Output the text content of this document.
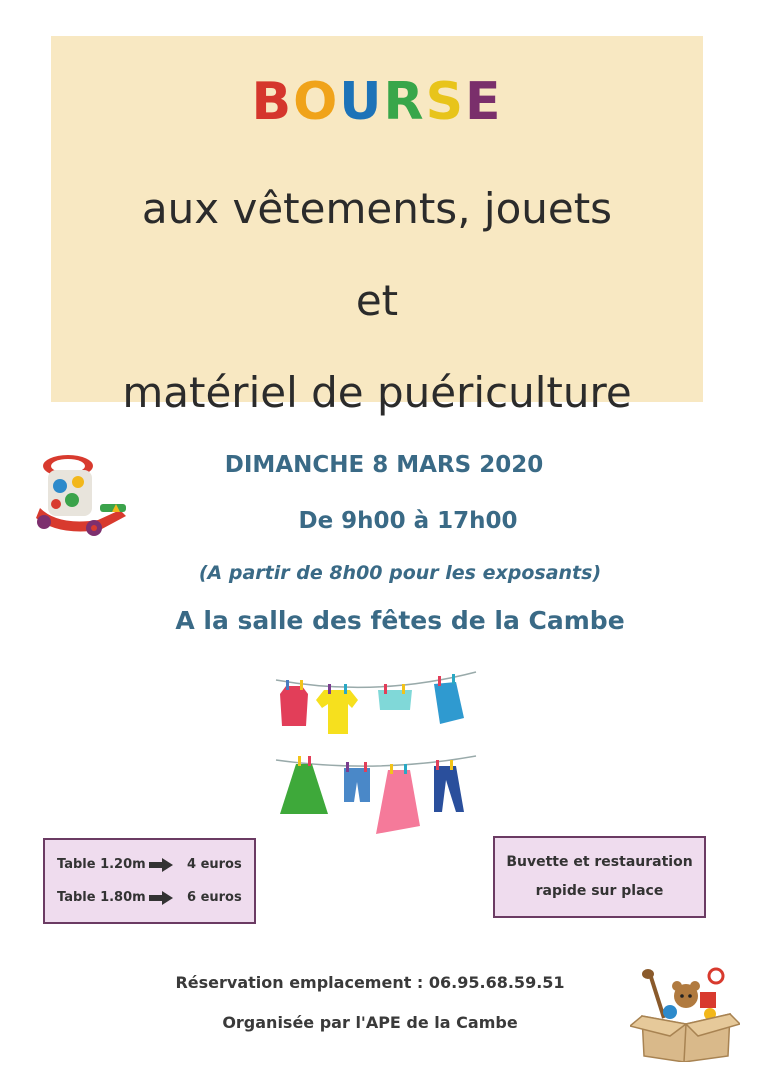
BOURSE
aux vêtements, jouets
et
matériel de puériculture
DIMANCHE 8 MARS 2020
De 9h00 à 17h00
(A partir de 8h00 pour les exposants)
A la salle des fêtes de la Cambe
Table 1.20m	4 euros
Table 1.80m	6 euros
Buvette et restauration
rapide sur place
Réservation emplacement : 06.95.68.59.51
Organisée par l'APE de la Cambe
